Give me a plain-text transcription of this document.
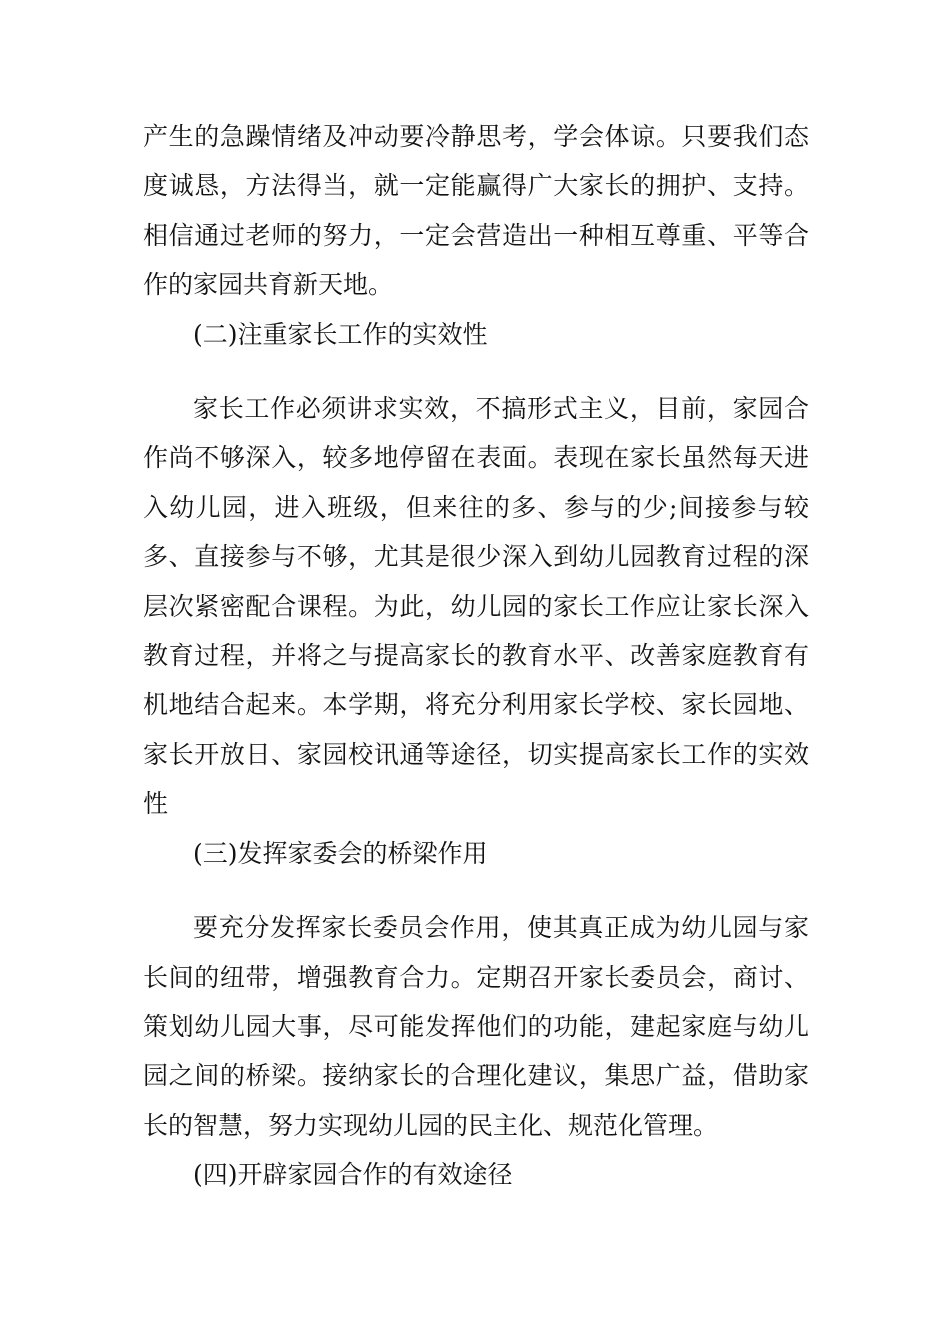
产生的急躁情绪及冲动要冷静思考，学会体谅。只要我们态度诚恳，方法得当，就一定能赢得广大家长的拥护、支持。相信通过老师的努力，一定会营造出一种相互尊重、平等合作的家园共育新天地。

(二)注重家长工作的实效性

家长工作必须讲求实效，不搞形式主义，目前，家园合作尚不够深入，较多地停留在表面。表现在家长虽然每天进入幼儿园，进入班级，但来往的多、参与的少;间接参与较多、直接参与不够，尤其是很少深入到幼儿园教育过程的深层次紧密配合课程。为此，幼儿园的家长工作应让家长深入教育过程，并将之与提高家长的教育水平、改善家庭教育有机地结合起来。本学期，将充分利用家长学校、家长园地、家长开放日、家园校讯通等途径，切实提高家长工作的实效性

(三)发挥家委会的桥梁作用

要充分发挥家长委员会作用，使其真正成为幼儿园与家长间的纽带，增强教育合力。定期召开家长委员会，商讨、策划幼儿园大事，尽可能发挥他们的功能，建起家庭与幼儿园之间的桥梁。接纳家长的合理化建议，集思广益，借助家长的智慧，努力实现幼儿园的民主化、规范化管理。

(四)开辟家园合作的有效途径
